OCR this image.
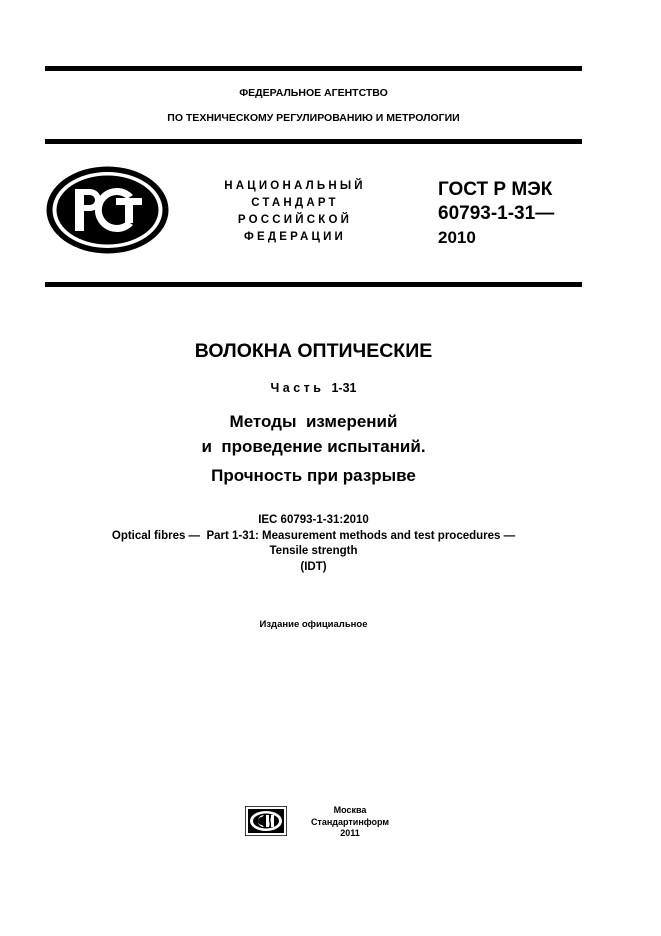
ФЕДЕРАЛЬНОЕ АГЕНТСТВО
ПО ТЕХНИЧЕСКОМУ РЕГУЛИРОВАНИЮ И МЕТРОЛОГИИ
НАЦИОНАЛЬНЫЙ
СТАНДАРТ
РОССИЙСКОЙ
ФЕДЕРАЦИИ
ГОСТ Р МЭК
60793-1-31—
2010
ВОЛОКНА ОПТИЧЕСКИЕ
Часть 1-31
Методы  измерений
и  проведение испытаний.
Прочность при разрыве
IEC 60793-1-31:2010
Optical fibres —  Part 1-31: Measurement methods and test procedures —
Tensile strength
(IDT)
Издание официальное
Москва
Стандартинформ
2011
